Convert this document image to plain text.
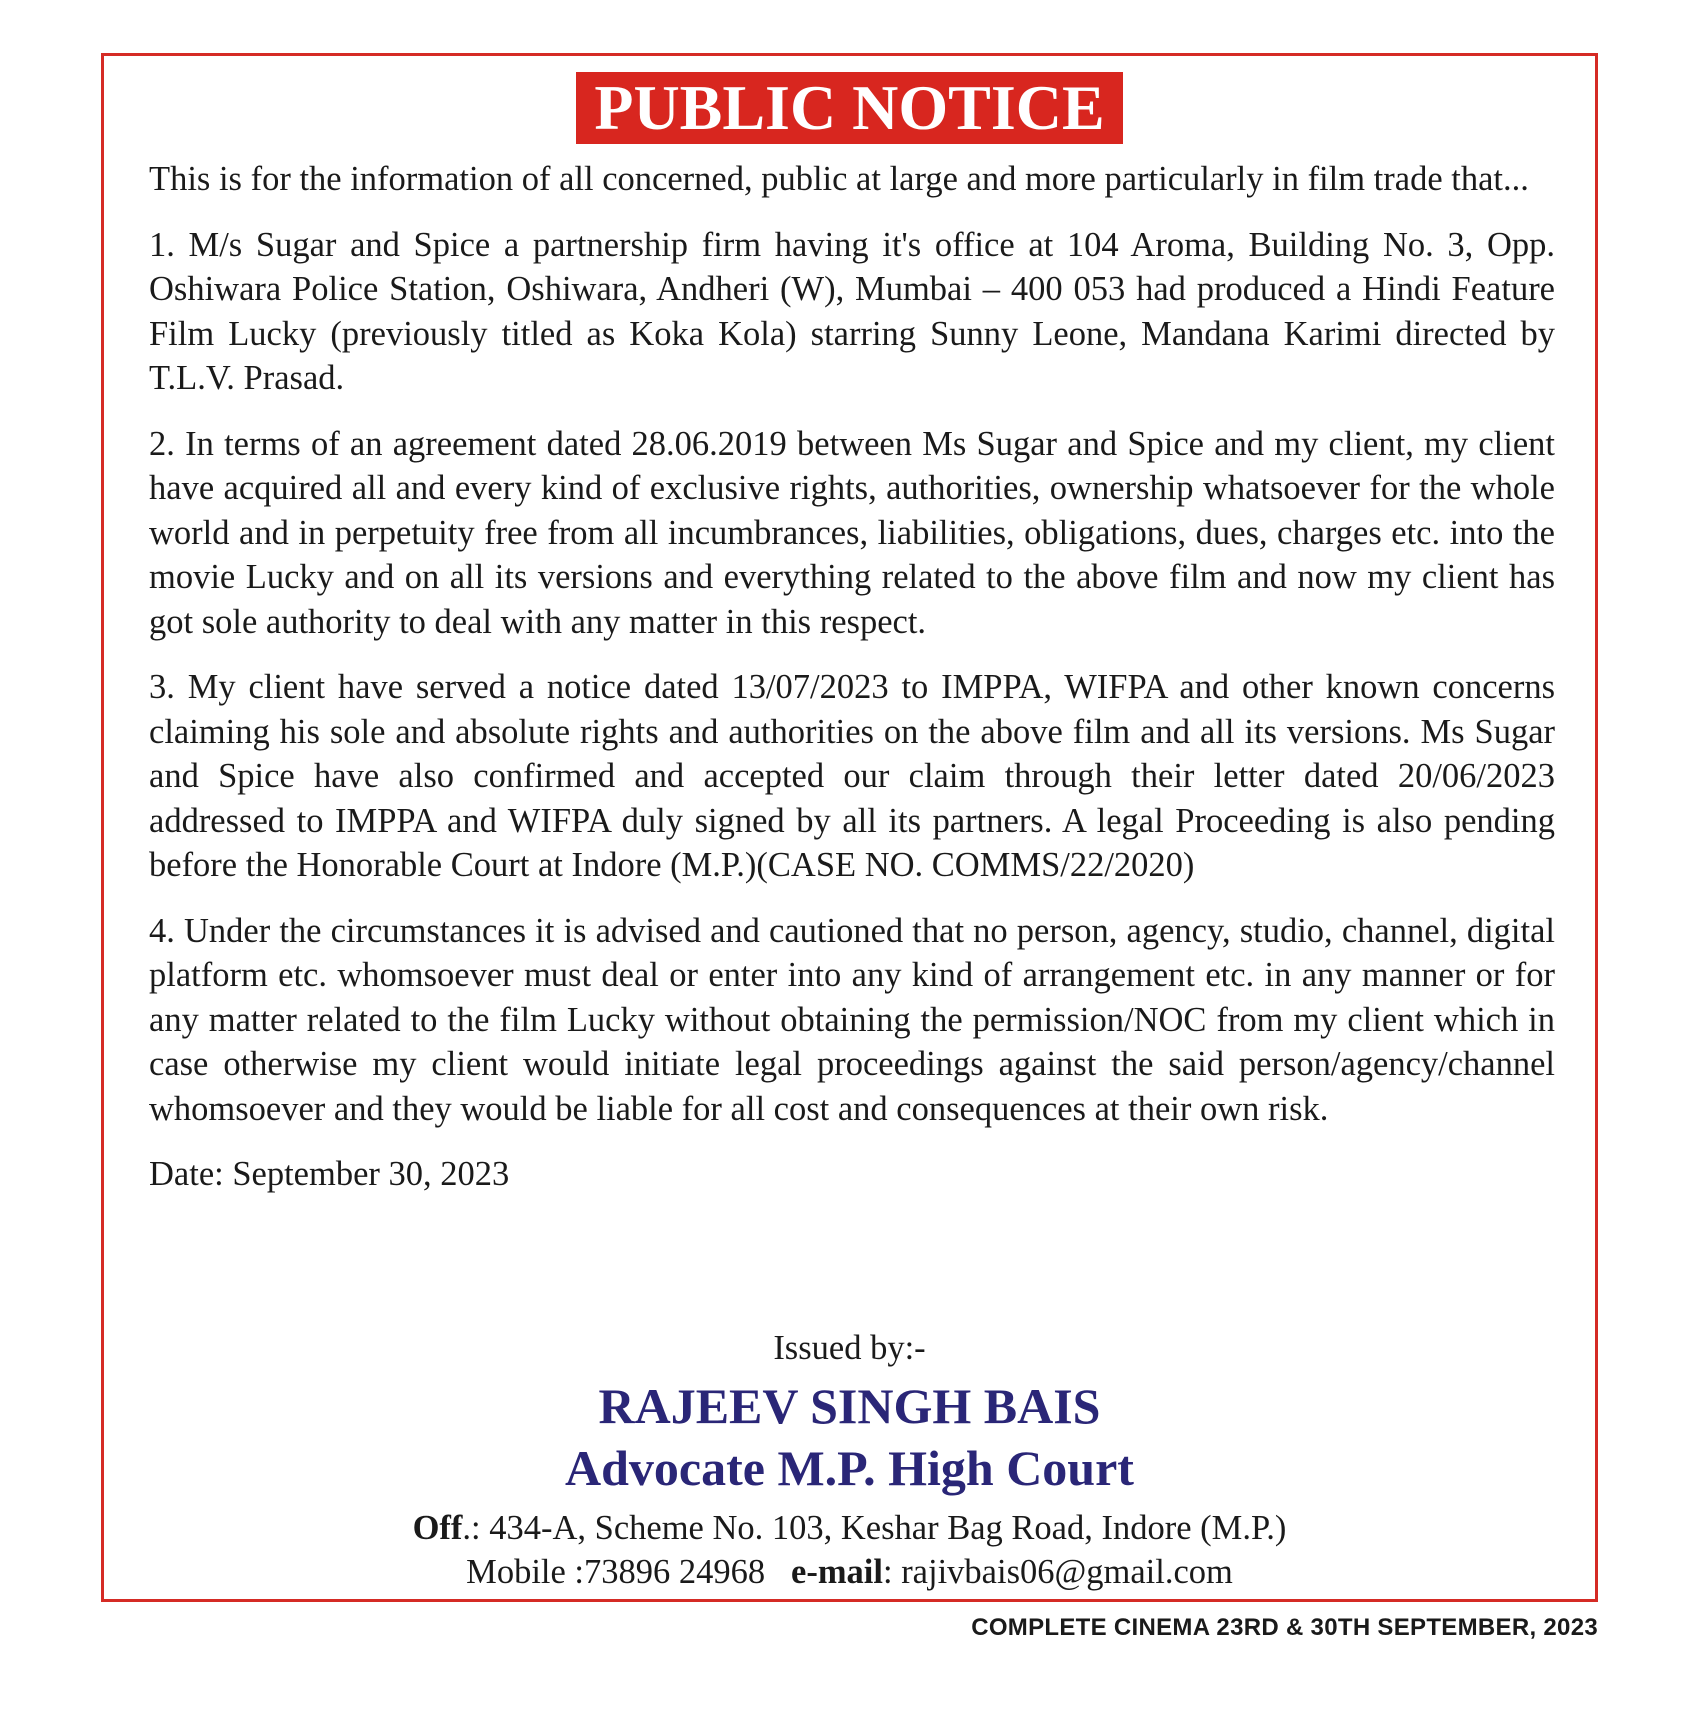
PUBLIC NOTICE

This is for the information of all concerned, public at large and more particularly in film trade that...

1. M/s Sugar and Spice a partnership firm having it's office at 104 Aroma, Building No. 3, Opp. Oshiwara Police Station, Oshiwara, Andheri (W), Mumbai – 400 053 had produced a Hindi Feature Film Lucky (previously titled as Koka Kola) starring Sunny Leone, Mandana Karimi directed by T.L.V. Prasad.

2. In terms of an agreement dated 28.06.2019 between Ms Sugar and Spice and my client, my client have acquired all and every kind of exclusive rights, authorities, ownership whatsoever for the whole world and in perpetuity free from all incumbrances, liabilities, obligations, dues, charges etc. into the movie Lucky and on all its versions and everything related to the above film and now my client has got sole authority to deal with any matter in this respect.

3. My client have served a notice dated 13/07/2023 to IMPPA, WIFPA and other known concerns claiming his sole and absolute rights and authorities on the above film and all its versions. Ms Sugar and Spice have also confirmed and accepted our claim through their letter dated 20/06/2023 addressed to IMPPA and WIFPA duly signed by all its partners. A legal Proceeding is also pending before the Honorable Court at Indore (M.P.)(CASE NO. COMMS/22/2020)

4. Under the circumstances it is advised and cautioned that no person, agency, studio, channel, digital platform etc. whomsoever must deal or enter into any kind of arrangement etc. in any manner or for any matter related to the film Lucky without obtaining the permission/NOC from my client which in case otherwise my client would initiate legal proceedings against the said person/agency/channel whomsoever and they would be liable for all cost and consequences at their own risk.

Date: September 30, 2023

Issued by:-
RAJEEV SINGH BAIS
Advocate M.P. High Court
Off.: 434-A, Scheme No. 103, Keshar Bag Road, Indore (M.P.)
Mobile :73896 24968 e-mail: rajivbais06@gmail.com
COMPLETE CINEMA 23RD & 30TH SEPTEMBER, 2023
